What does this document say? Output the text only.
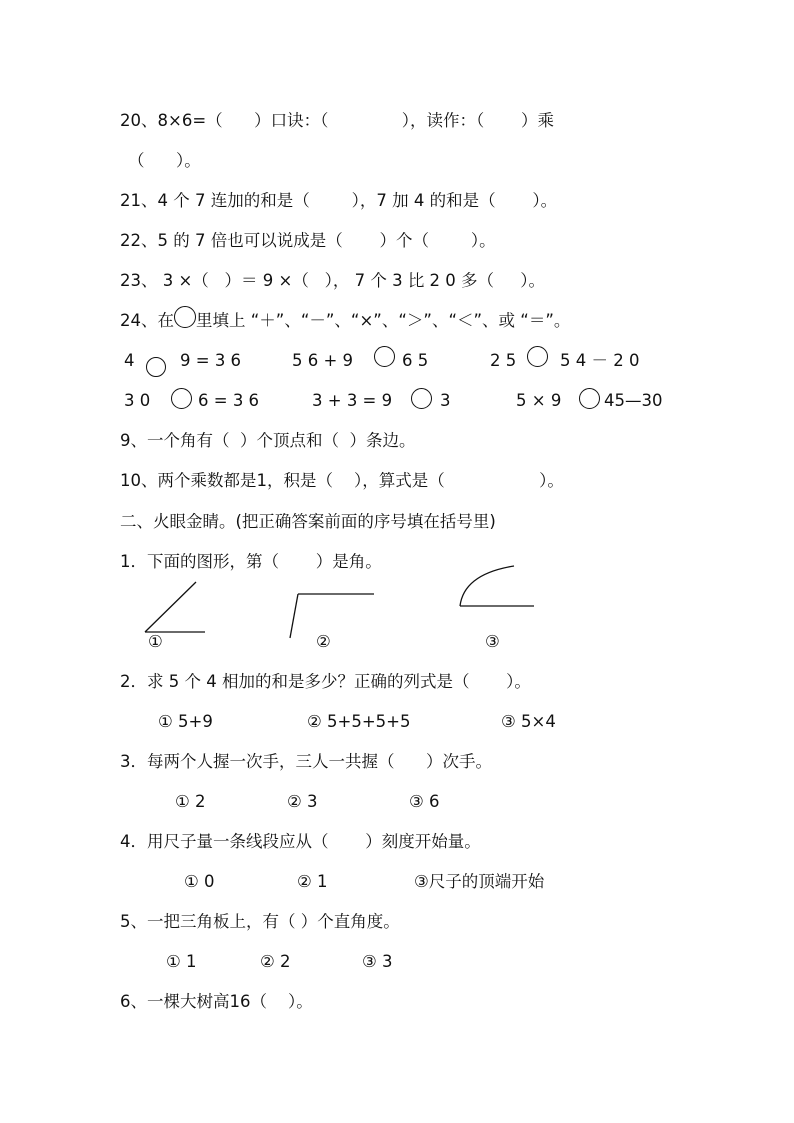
20、8×6=（      ）口诀：（              ），读作：（       ）乘
（      ）。
21、4 个 7 连加的和是（        ），7 加 4 的和是（       ）。
22、5 的 7 倍也可以说成是（       ）个（        ）。
23、 3 ×（   ）＝ 9 ×（   ）， 7 个 3 比 2 0 多（     ）。
24、在 里填上 “＋”、“－”、“×”、“＞”、“＜”、或 “＝”。
4	9 = 3 6	5 6 + 9	6 5	2 5	5 4 － 2 0
3 0	6 = 3 6	3 + 3 = 9	3	5 × 9	45—30
9、一个角有（  ）个顶点和（  ）条边。
10、两个乘数都是1，积是（    ），算式是（                  ）。
二、火眼金睛。(把正确答案前面的序号填在括号里)
1．下面的图形，第（       ）是角。
①	②	③
2．求 5 个 4 相加的和是多少？正确的列式是（       ）。
① 5+9	② 5+5+5+5	③ 5×4
3．每两个人握一次手，三人一共握（      ）次手。
① 2	② 3	③ 6
4．用尺子量一条线段应从（       ）刻度开始量。
① 0	② 1	③尺子的顶端开始
5、一把三角板上，有（ ）个直角度。
① 1	② 2	③ 3
6、一棵大树高16（    ）。
